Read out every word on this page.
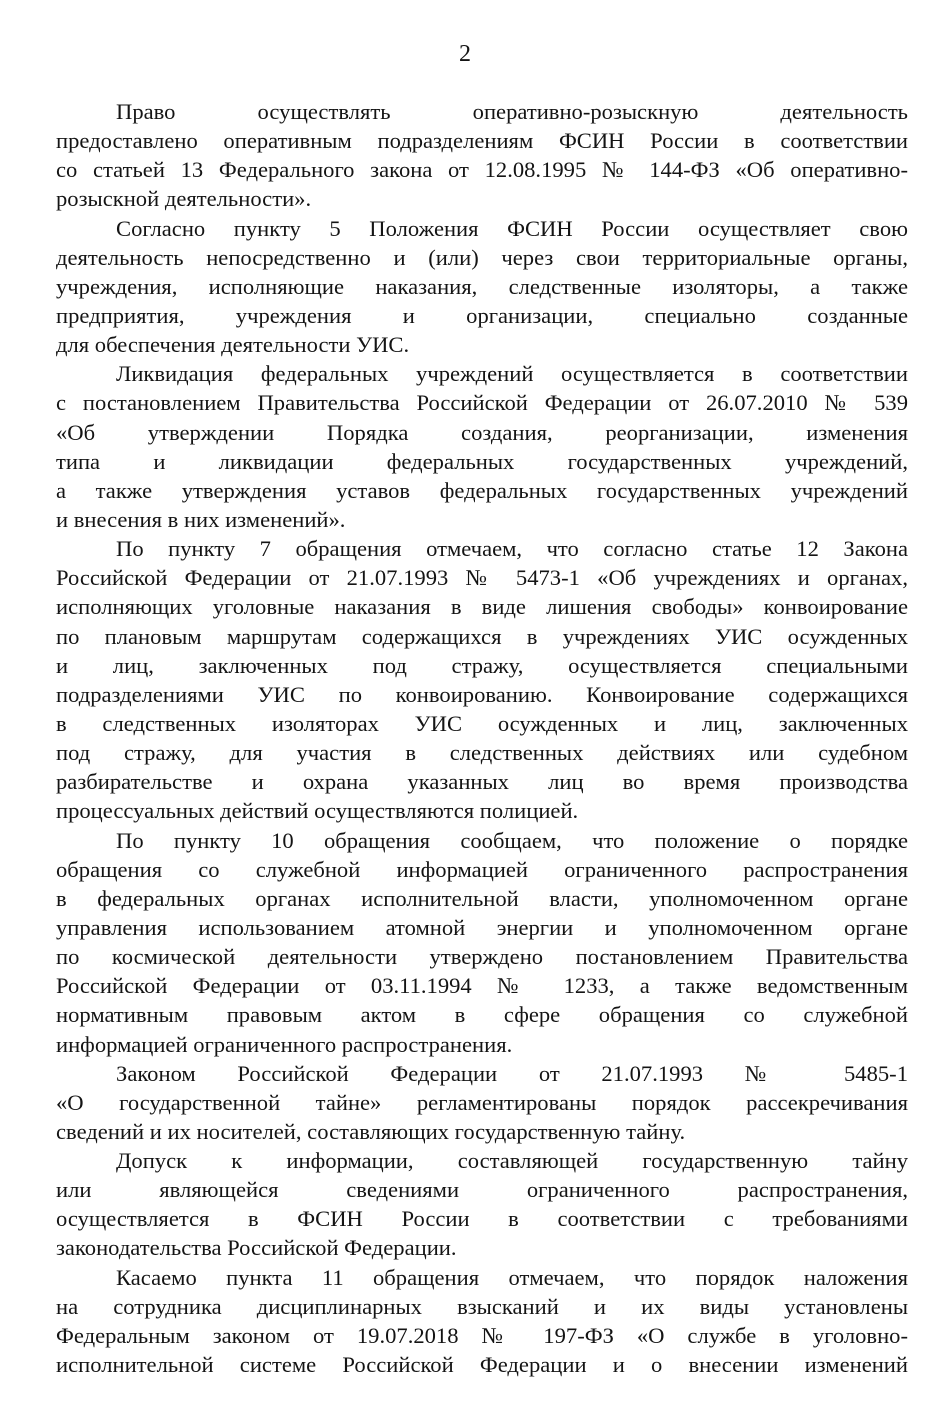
2
Право осуществлять оперативно-розыскную деятельность
предоставлено оперативным подразделениям ФСИН России в соответствии
со статьей 13 Федерального закона от 12.08.1995 № 144-ФЗ «Об оперативно-
розыскной деятельности».
Согласно пункту 5 Положения ФСИН России осуществляет свою
деятельность непосредственно и (или) через свои территориальные органы,
учреждения, исполняющие наказания, следственные изоляторы, а также
предприятия, учреждения и организации, специально созданные
для обеспечения деятельности УИС.
Ликвидация федеральных учреждений осуществляется в соответствии
с постановлением Правительства Российской Федерации от 26.07.2010 № 539
«Об утверждении Порядка создания, реорганизации, изменения
типа и ликвидации федеральных государственных учреждений,
а также утверждения уставов федеральных государственных учреждений
и внесения в них изменений».
По пункту 7 обращения отмечаем, что согласно статье 12 Закона
Российской Федерации от 21.07.1993 № 5473-1 «Об учреждениях и органах,
исполняющих уголовные наказания в виде лишения свободы» конвоирование
по плановым маршрутам содержащихся в учреждениях УИС осужденных
и лиц, заключенных под стражу, осуществляется специальными
подразделениями УИС по конвоированию. Конвоирование содержащихся
в следственных изоляторах УИС осужденных и лиц, заключенных
под стражу, для участия в следственных действиях или судебном
разбирательстве и охрана указанных лиц во время производства
процессуальных действий осуществляются полицией.
По пункту 10 обращения сообщаем, что положение о порядке
обращения со служебной информацией ограниченного распространения
в федеральных органах исполнительной власти, уполномоченном органе
управления использованием атомной энергии и уполномоченном органе
по космической деятельности утверждено постановлением Правительства
Российской Федерации от 03.11.1994 № 1233, а также ведомственным
нормативным правовым актом в сфере обращения со служебной
информацией ограниченного распространения.
Законом Российской Федерации от 21.07.1993 № 5485-1
«О государственной тайне» регламентированы порядок рассекречивания
сведений и их носителей, составляющих государственную тайну.
Допуск к информации, составляющей государственную тайну
или являющейся сведениями ограниченного распространения,
осуществляется в ФСИН России в соответствии с требованиями
законодательства Российской Федерации.
Касаемо пункта 11 обращения отмечаем, что порядок наложения
на сотрудника дисциплинарных взысканий и их виды установлены
Федеральным законом от 19.07.2018 № 197-ФЗ «О службе в уголовно-
исполнительной системе Российской Федерации и о внесении изменений
